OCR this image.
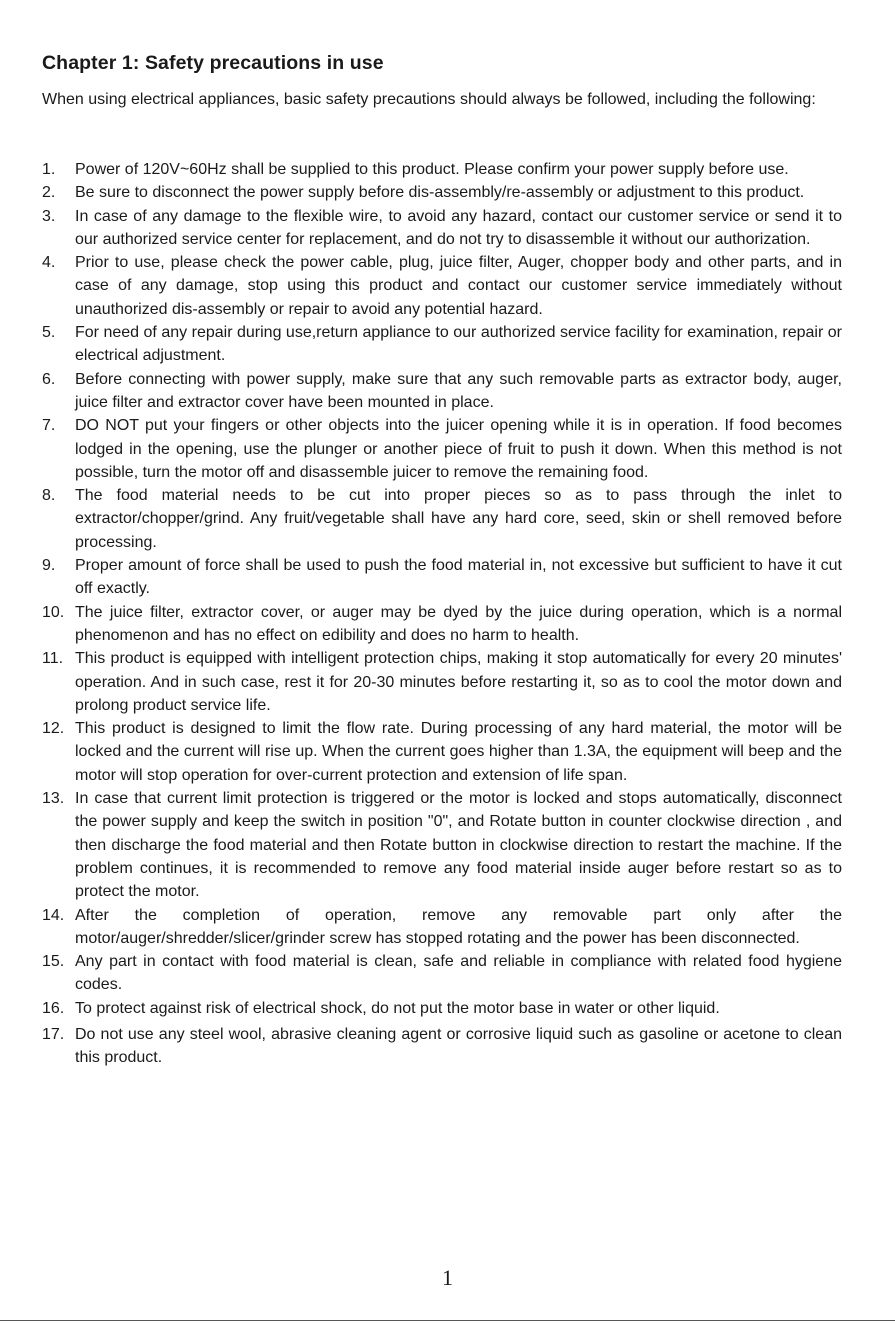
Chapter 1: Safety precautions in use

When using electrical appliances, basic safety precautions should always be followed, including the following:

1. Power of 120V~60Hz shall be supplied to this product. Please confirm your power supply before use.
2. Be sure to disconnect the power supply before dis-assembly/re-assembly or adjustment to this product.
3. In case of any damage to the flexible wire, to avoid any hazard, contact our customer service or send it to our authorized service center for replacement, and do not try to disassemble it without our authorization.
4. Prior to use, please check the power cable, plug, juice filter, Auger, chopper body and other parts, and in case of any damage, stop using this product and contact our customer service immediately without unauthorized dis-assembly or repair to avoid any potential hazard.
5. For need of any repair during use,return appliance to our authorized service facility for examination, repair or electrical adjustment.
6. Before connecting with power supply, make sure that any such removable parts as extractor body, auger, juice filter and extractor cover have been mounted in place.
7. DO NOT put your fingers or other objects into the juicer opening while it is in operation. If food becomes lodged in the opening, use the plunger or another piece of fruit to push it down. When this method is not possible, turn the motor off and disassemble juicer to remove the remaining food.
8. The food material needs to be cut into proper pieces so as to pass through the inlet to extractor/chopper/grind. Any fruit/vegetable shall have any hard core, seed, skin or shell removed before processing.
9. Proper amount of force shall be used to push the food material in, not excessive but sufficient to have it cut off exactly.
10. The juice filter, extractor cover, or auger may be dyed by the juice during operation, which is a normal phenomenon and has no effect on edibility and does no harm to health.
11. This product is equipped with intelligent protection chips, making it stop automatically for every 20 minutes' operation. And in such case, rest it for 20-30 minutes before restarting it, so as to cool the motor down and prolong product service life.
12. This product is designed to limit the flow rate. During processing of any hard material, the motor will be locked and the current will rise up. When the current goes higher than 1.3A, the equipment will beep and the motor will stop operation for over-current protection and extension of life span.
13. In case that current limit protection is triggered or the motor is locked and stops automatically, disconnect the power supply and keep the switch in position "0", and Rotate button in counter clockwise direction , and then discharge the food material and then Rotate button in clockwise direction to restart the machine. If the problem continues, it is recommended to remove any food material inside auger before restart so as to protect the motor.
14. After the completion of operation, remove any removable part only after the motor/auger/shredder/slicer/grinder screw has stopped rotating and the power has been disconnected.
15. Any part in contact with food material is clean, safe and reliable in compliance with related food hygiene codes.
16. To protect against risk of electrical shock, do not put the motor base in water or other liquid.
17. Do not use any steel wool, abrasive cleaning agent or corrosive liquid such as gasoline or acetone to clean this product.
1
